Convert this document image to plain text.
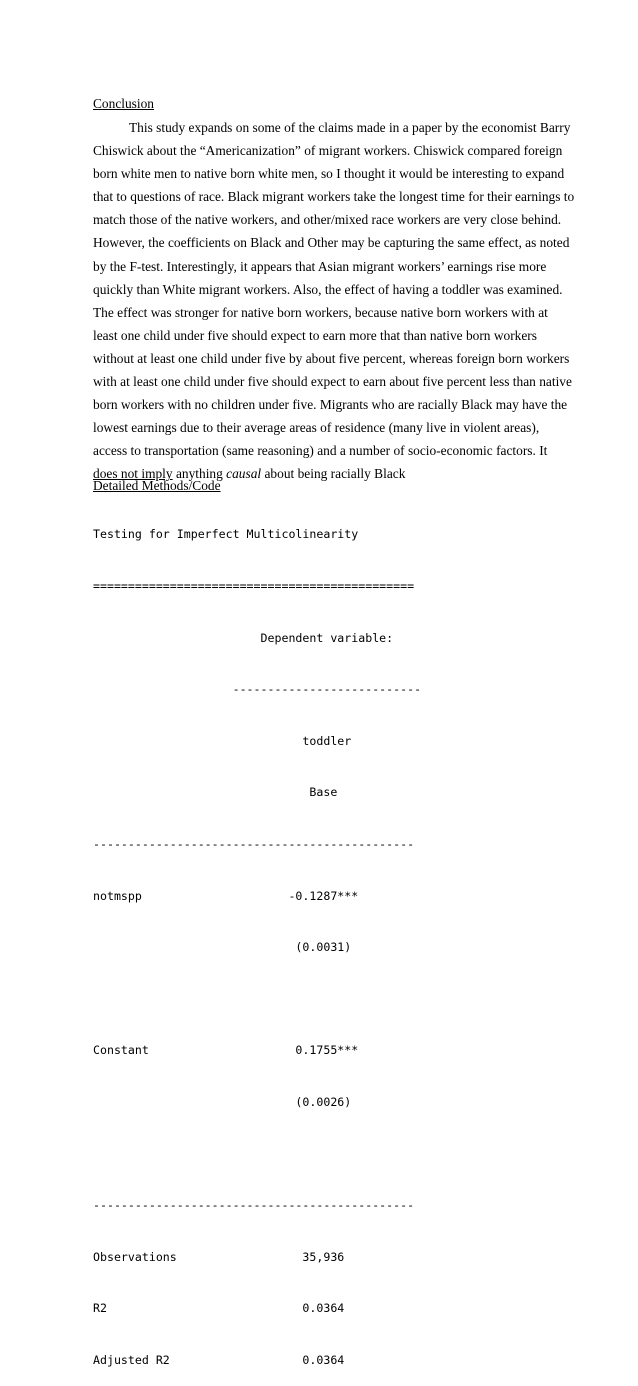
Conclusion
This study expands on some of the claims made in a paper by the economist Barry
Chiswick about the “Americanization” of migrant workers. Chiswick compared foreign
born white men to native born white men, so I thought it would be interesting to expand
that to questions of race. Black migrant workers take the longest time for their earnings to
match those of the native workers, and other/mixed race workers are very close behind.
However, the coefficients on Black and Other may be capturing the same effect, as noted
by the F-test. Interestingly, it appears that Asian migrant workers’ earnings rise more
quickly than White migrant workers. Also, the effect of having a toddler was examined.
The effect was stronger for native born workers, because native born workers with at
least one child under five should expect to earn more that than native born workers
without at least one child under five by about five percent, whereas foreign born workers
with at least one child under five should expect to earn about five percent less than native
born workers with no children under five. Migrants who are racially Black may have the
lowest earnings due to their average areas of residence (many live in violent areas),
access to transportation (same reasoning) and a number of socio-economic factors. It
does not imply anything causal about being racially Black
Detailed Methods/Code

Testing for Imperfect Multicolinearity

==============================================

Dependent variable:

---------------------------

toddler

Base

----------------------------------------------

notmspp                     -0.1287***

(0.0031)

Constant                     0.1755***

(0.0026)

----------------------------------------------

Observations                  35,936

R2                            0.0364

Adjusted R2                   0.0364
